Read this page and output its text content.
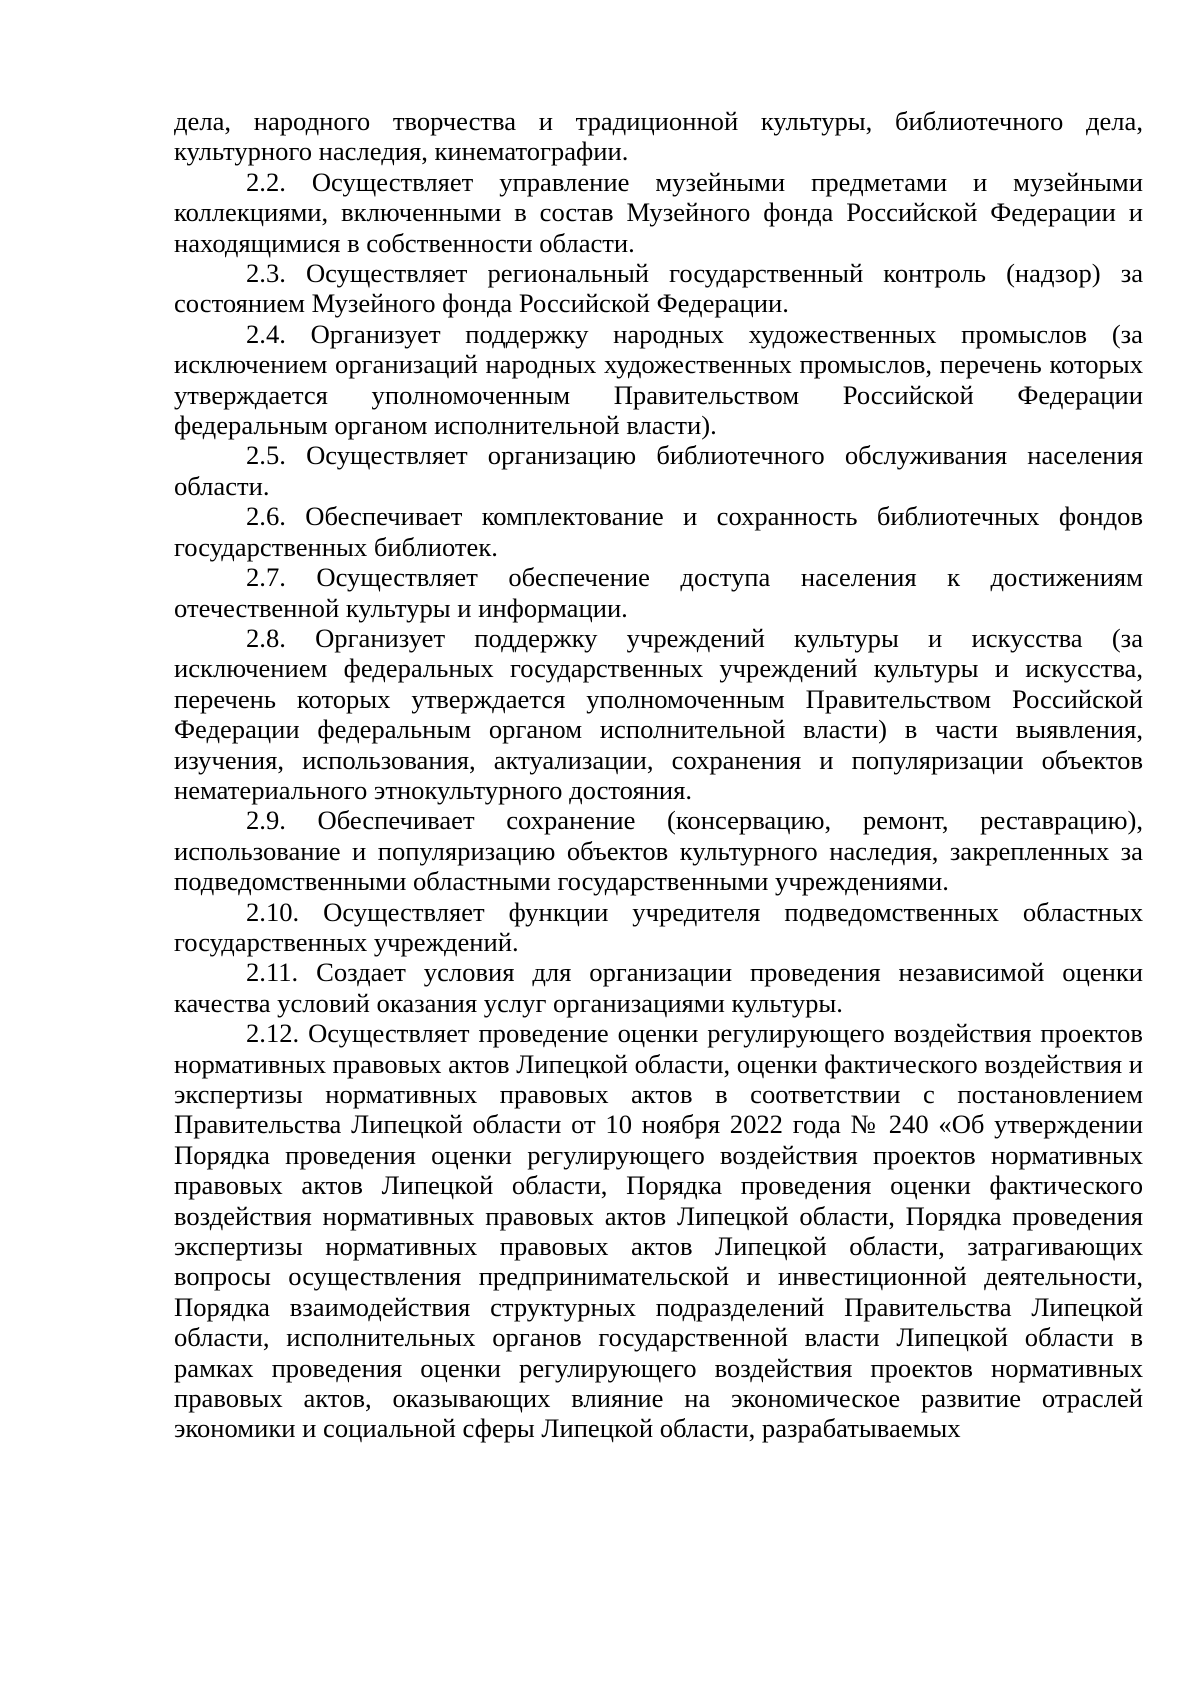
дела, народного творчества и традиционной культуры, библиотечного дела, культурного наследия, кинематографии.

2.2. Осуществляет управление музейными предметами и музейными коллекциями, включенными в состав Музейного фонда Российской Федерации и находящимися в собственности области.

2.3. Осуществляет региональный государственный контроль (надзор) за состоянием Музейного фонда Российской Федерации.

2.4. Организует поддержку народных художественных промыслов (за исключением организаций народных художественных промыслов, перечень которых утверждается уполномоченным Правительством Российской Федерации федеральным органом исполнительной власти).

2.5. Осуществляет организацию библиотечного обслуживания населения области.

2.6. Обеспечивает комплектование и сохранность библиотечных фондов государственных библиотек.

2.7. Осуществляет обеспечение доступа населения к достижениям отечественной культуры и информации.

2.8. Организует поддержку учреждений культуры и искусства (за исключением федеральных государственных учреждений культуры и искусства, перечень которых утверждается уполномоченным Правительством Российской Федерации федеральным органом исполнительной власти) в части выявления, изучения, использования, актуализации, сохранения и популяризации объектов нематериального этнокультурного достояния.

2.9. Обеспечивает сохранение (консервацию, ремонт, реставрацию), использование и популяризацию объектов культурного наследия, закрепленных за подведомственными областными государственными учреждениями.

2.10. Осуществляет функции учредителя подведомственных областных государственных учреждений.

2.11. Создает условия для организации проведения независимой оценки качества условий оказания услуг организациями культуры.

2.12. Осуществляет проведение оценки регулирующего воздействия проектов нормативных правовых актов Липецкой области, оценки фактического воздействия и экспертизы нормативных правовых актов в соответствии с постановлением Правительства Липецкой области от 10 ноября 2022 года № 240 «Об утверждении Порядка проведения оценки регулирующего воздействия проектов нормативных правовых актов Липецкой области, Порядка проведения оценки фактического воздействия нормативных правовых актов Липецкой области, Порядка проведения экспертизы нормативных правовых актов Липецкой области, затрагивающих вопросы осуществления предпринимательской и инвестиционной деятельности, Порядка взаимодействия структурных подразделений Правительства Липецкой области, исполнительных органов государственной власти Липецкой области в рамках проведения оценки регулирующего воздействия проектов нормативных правовых актов, оказывающих влияние на экономическое развитие отраслей экономики и социальной сферы Липецкой области, разрабатываемых
